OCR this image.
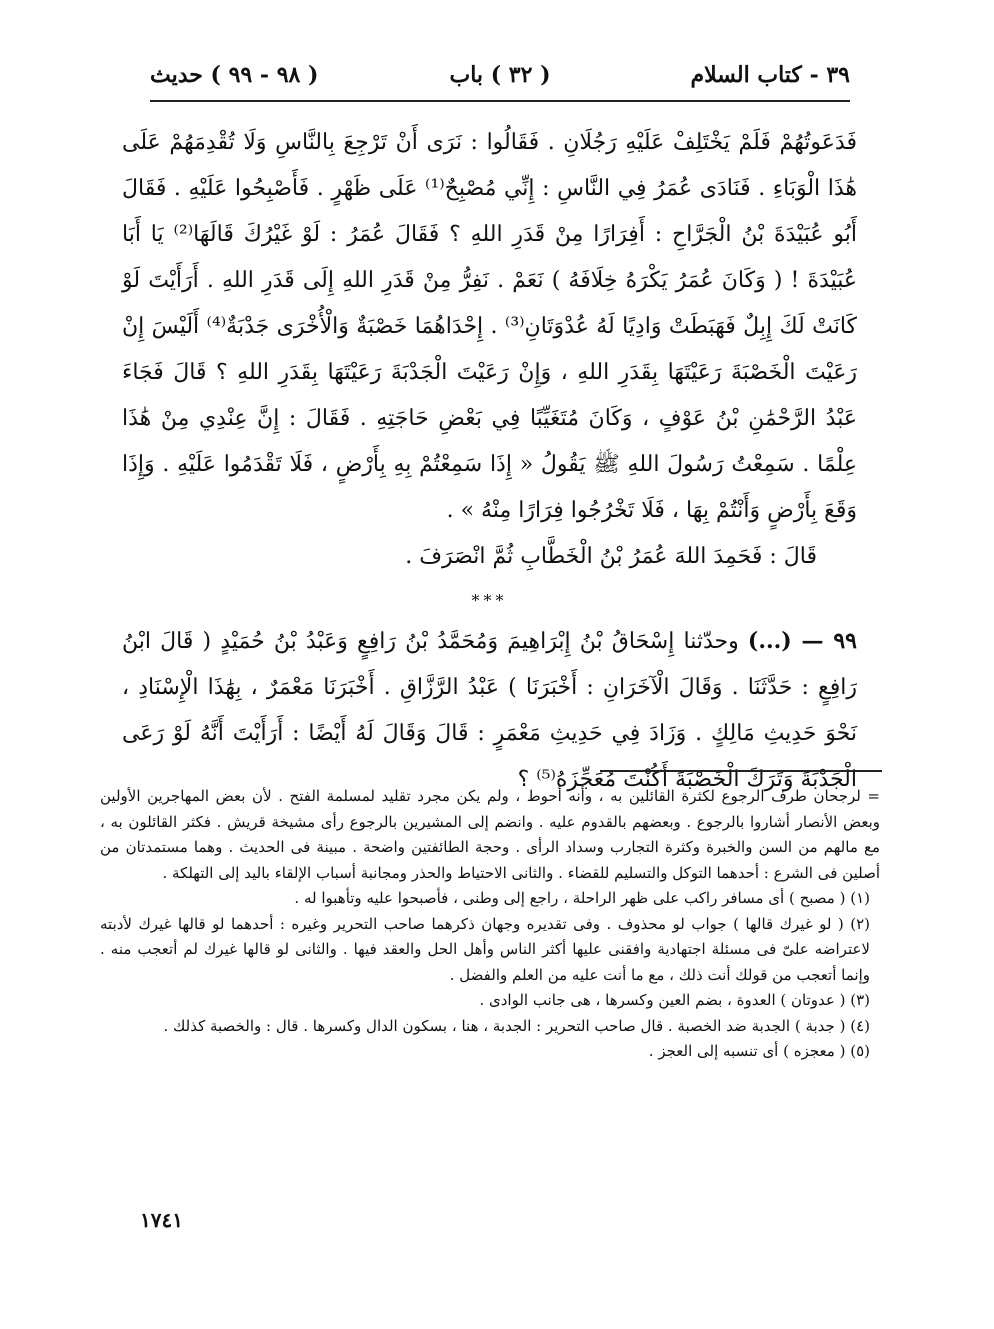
٣٩ - كتاب السلام
( ٣٢ ) باب
( ٩٨ - ٩٩ ) حديث

فَدَعَوتُهُمْ فَلَمْ يَخْتَلِفْ عَلَيْهِ رَجُلَانِ . فَقَالُوا : نَرَى أَنْ تَرْجِعَ بِالنَّاسِ وَلَا تُقْدِمَهُمْ عَلَى هَٰذَا الْوَبَاءِ . فَنَادَى عُمَرُ فِي النَّاسِ : إِنِّي مُصْبِحٌ⁽¹⁾ عَلَى ظَهْرٍ . فَأَصْبِحُوا عَلَيْهِ . فَقَالَ أَبُو عُبَيْدَةَ بْنُ الْجَرَّاحِ : أَفِرَارًا مِنْ قَدَرِ اللهِ ؟ فَقَالَ عُمَرُ : لَوْ غَيْرُكَ قَالَهَا⁽²⁾ يَا أَبَا عُبَيْدَةَ ! ( وَكَانَ عُمَرُ يَكْرَهُ خِلَافَهُ ) نَعَمْ . نَفِرُّ مِنْ قَدَرِ اللهِ إِلَى قَدَرِ اللهِ . أَرَأَيْتَ لَوْ كَانَتْ لَكَ إِبِلٌ فَهَبَطَتْ وَادِيًا لَهُ عُدْوَتَانِ⁽³⁾ . إِحْدَاهُمَا خَصْبَةٌ وَالْأُخْرَى جَدْبَةٌ⁽⁴⁾ أَلَيْسَ إِنْ رَعَيْتَ الْخَصْبَةَ رَعَيْتَهَا بِقَدَرِ اللهِ ، وَإِنْ رَعَيْتَ الْجَدْبَةَ رَعَيْتَهَا بِقَدَرِ اللهِ ؟ قَالَ فَجَاءَ عَبْدُ الرَّحْمَٰنِ بْنُ عَوْفٍ ، وَكَانَ مُتَغَيِّبًا فِي بَعْضِ حَاجَتِهِ . فَقَالَ : إِنَّ عِنْدِي مِنْ هَٰذَا عِلْمًا . سَمِعْتُ رَسُولَ اللهِ ﷺ يَقُولُ « إِذَا سَمِعْتُمْ بِهِ بِأَرْضٍ ، فَلَا تَقْدَمُوا عَلَيْهِ . وَإِذَا وَقَعَ بِأَرْضٍ وَأَنْتُمْ بِهَا ، فَلَا تَخْرُجُوا فِرَارًا مِنْهُ » .

قَالَ : فَحَمِدَ اللهَ عُمَرُ بْنُ الْخَطَّابِ ثُمَّ انْصَرَفَ .

***

٩٩ — (...) وحدّثنا إِسْحَاقُ بْنُ إِبْرَاهِيمَ وَمُحَمَّدُ بْنُ رَافِعٍ وَعَبْدُ بْنُ حُمَيْدٍ ( قَالَ ابْنُ رَافِعٍ : حَدَّثَنَا . وَقَالَ الْآخَرَانِ : أَخْبَرَنَا ) عَبْدُ الرَّزَّاقِ . أَخْبَرَنَا مَعْمَرٌ ، بِهَٰذَا الْإِسْنَادِ ، نَحْوَ حَدِيثِ مَالِكٍ . وَزَادَ فِي حَدِيثِ مَعْمَرٍ : قَالَ وَقَالَ لَهُ أَيْضًا : أَرَأَيْتَ أَنَّهُ لَوْ رَعَى الْجَدْبَةَ وَتَرَكَ الْخَصْبَةَ أَكُنْتَ مُعَجِّزَهُ⁽⁵⁾ ؟

= لرجحان طرف الرجوع لكثرة القائلين به ، وأنه أحوط ، ولم يكن مجرد تقليد لمسلمة الفتح . لأن بعض المهاجرين الأولين وبعض الأنصار أشاروا بالرجوع . وبعضهم بالقدوم عليه . وانضم إلى المشيرين بالرجوع رأى مشيخة قريش . فكثر القائلون به ، مع مالهم من السن والخبرة وكثرة التجارب وسداد الرأى . وحجة الطائفتين واضحة . مبينة فى الحديث . وهما مستمدتان من أصلين فى الشرع : أحدهما التوكل والتسليم للقضاء . والثانى الاحتياط والحذر ومجانبة أسباب الإلقاء باليد إلى التهلكة .

(١) ( مصبح ) أى مسافر راكب على ظهر الراحلة ، راجع إلى وطنى ، فأصبحوا عليه وتأهبوا له .

(٢) ( لو غيرك قالها ) جواب لو محذوف . وفى تقديره وجهان ذكرهما صاحب التحرير وغيره : أحدهما لو قالها غيرك لأدبته لاعتراضه علىّ فى مسئلة اجتهادية وافقنى عليها أكثر الناس وأهل الحل والعقد فيها . والثانى لو قالها غيرك لم أتعجب منه . وإنما أتعجب من قولك أنت ذلك ، مع ما أنت عليه من العلم والفضل .

(٣) ( عدوتان ) العدوة ، بضم العين وكسرها ، هى جانب الوادى .

(٤) ( جدبة ) الجدبة ضد الخصبة . قال صاحب التحرير : الجدبة ، هنا ، بسكون الدال وكسرها . قال : والخصبة كذلك .

(٥) ( معجزه ) أى تنسبه إلى العجز .

١٧٤١
